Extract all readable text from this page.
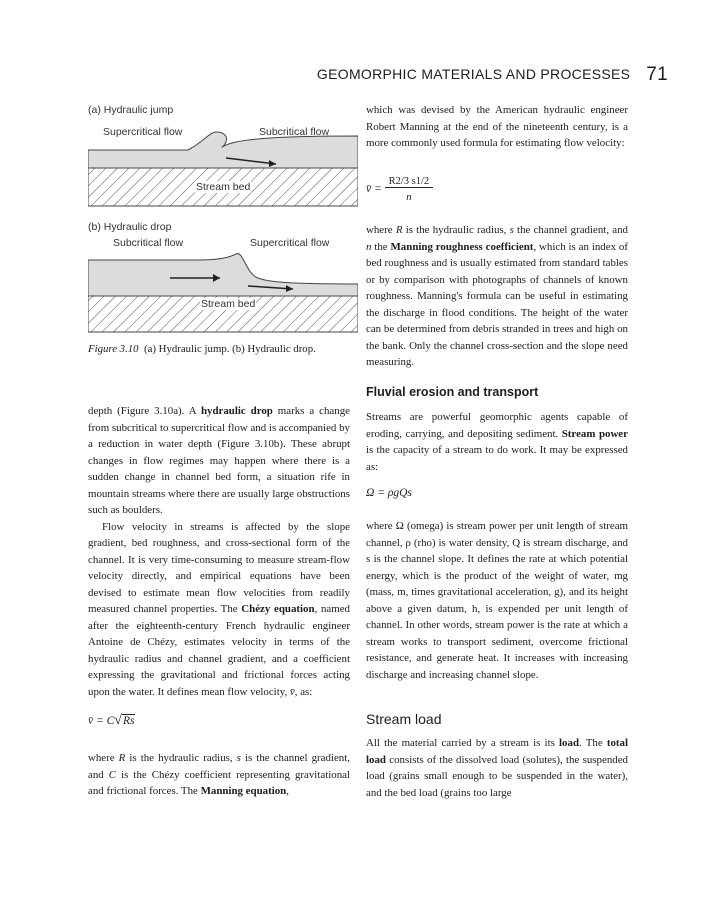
GEOMORPHIC MATERIALS AND PROCESSES 71
(a) Hydraulic jump
Supercritical flow	Subcritical flow
Stream bed
(b) Hydraulic drop
Subcritical flow	Supercritical flow
Stream bed
Figure 3.10 (a) Hydraulic jump. (b) Hydraulic drop.

depth (Figure 3.10a). A hydraulic drop marks a change from subcritical to supercritical flow and is accompanied by a reduction in water depth (Figure 3.10b). These abrupt changes in flow regimes may happen where there is a sudden change in channel bed form, a situation rife in mountain streams where there are usually large obstructions such as boulders.

Flow velocity in streams is affected by the slope gradient, bed roughness, and cross-sectional form of the channel. It is very time-consuming to measure stream-flow velocity directly, and empirical equations have been devised to estimate mean flow velocities from readily measured channel properties. The Chézy equation, named after the eighteenth-century French hydraulic engineer Antoine de Chézy, estimates velocity in terms of the hydraulic radius and channel gradient, and a coefficient expressing the gravitational and frictional forces acting upon the water. It defines mean flow velocity, v̄, as:

v̄ = C√Rs

where R is the hydraulic radius, s is the channel gradient, and C is the Chézy coefficient representing gravitational and frictional forces. The Manning equation,

which was devised by the American hydraulic engineer Robert Manning at the end of the nineteenth century, is a more commonly used formula for estimating flow velocity:

v̄ = $\frac{R2/3 s1/2}{n}$

where R is the hydraulic radius, s the channel gradient, and n the Manning roughness coefficient, which is an index of bed roughness and is usually estimated from standard tables or by comparison with photographs of channels of known roughness. Manning's formula can be useful in estimating the discharge in flood conditions. The height of the water can be determined from debris stranded in trees and high on the bank. Only the channel cross-section and the slope need measuring.

Fluvial erosion and transport

Streams are powerful geomorphic agents capable of eroding, carrying, and depositing sediment. Stream power is the capacity of a stream to do work. It may be expressed as:

Ω = ρgQs

where Ω (omega) is stream power per unit length of stream channel, ρ (rho) is water density, Q is stream discharge, and s is the channel slope. It defines the rate at which potential energy, which is the product of the weight of water, mg (mass, m, times gravitational acceleration, g), and its height above a given datum, h, is expended per unit length of channel. In other words, stream power is the rate at which a stream works to transport sediment, overcome frictional resistance, and generate heat. It increases with increasing discharge and increasing channel slope.

Stream load

All the material carried by a stream is its load. The total load consists of the dissolved load (solutes), the suspended load (grains small enough to be suspended in the water), and the bed load (grains too large
